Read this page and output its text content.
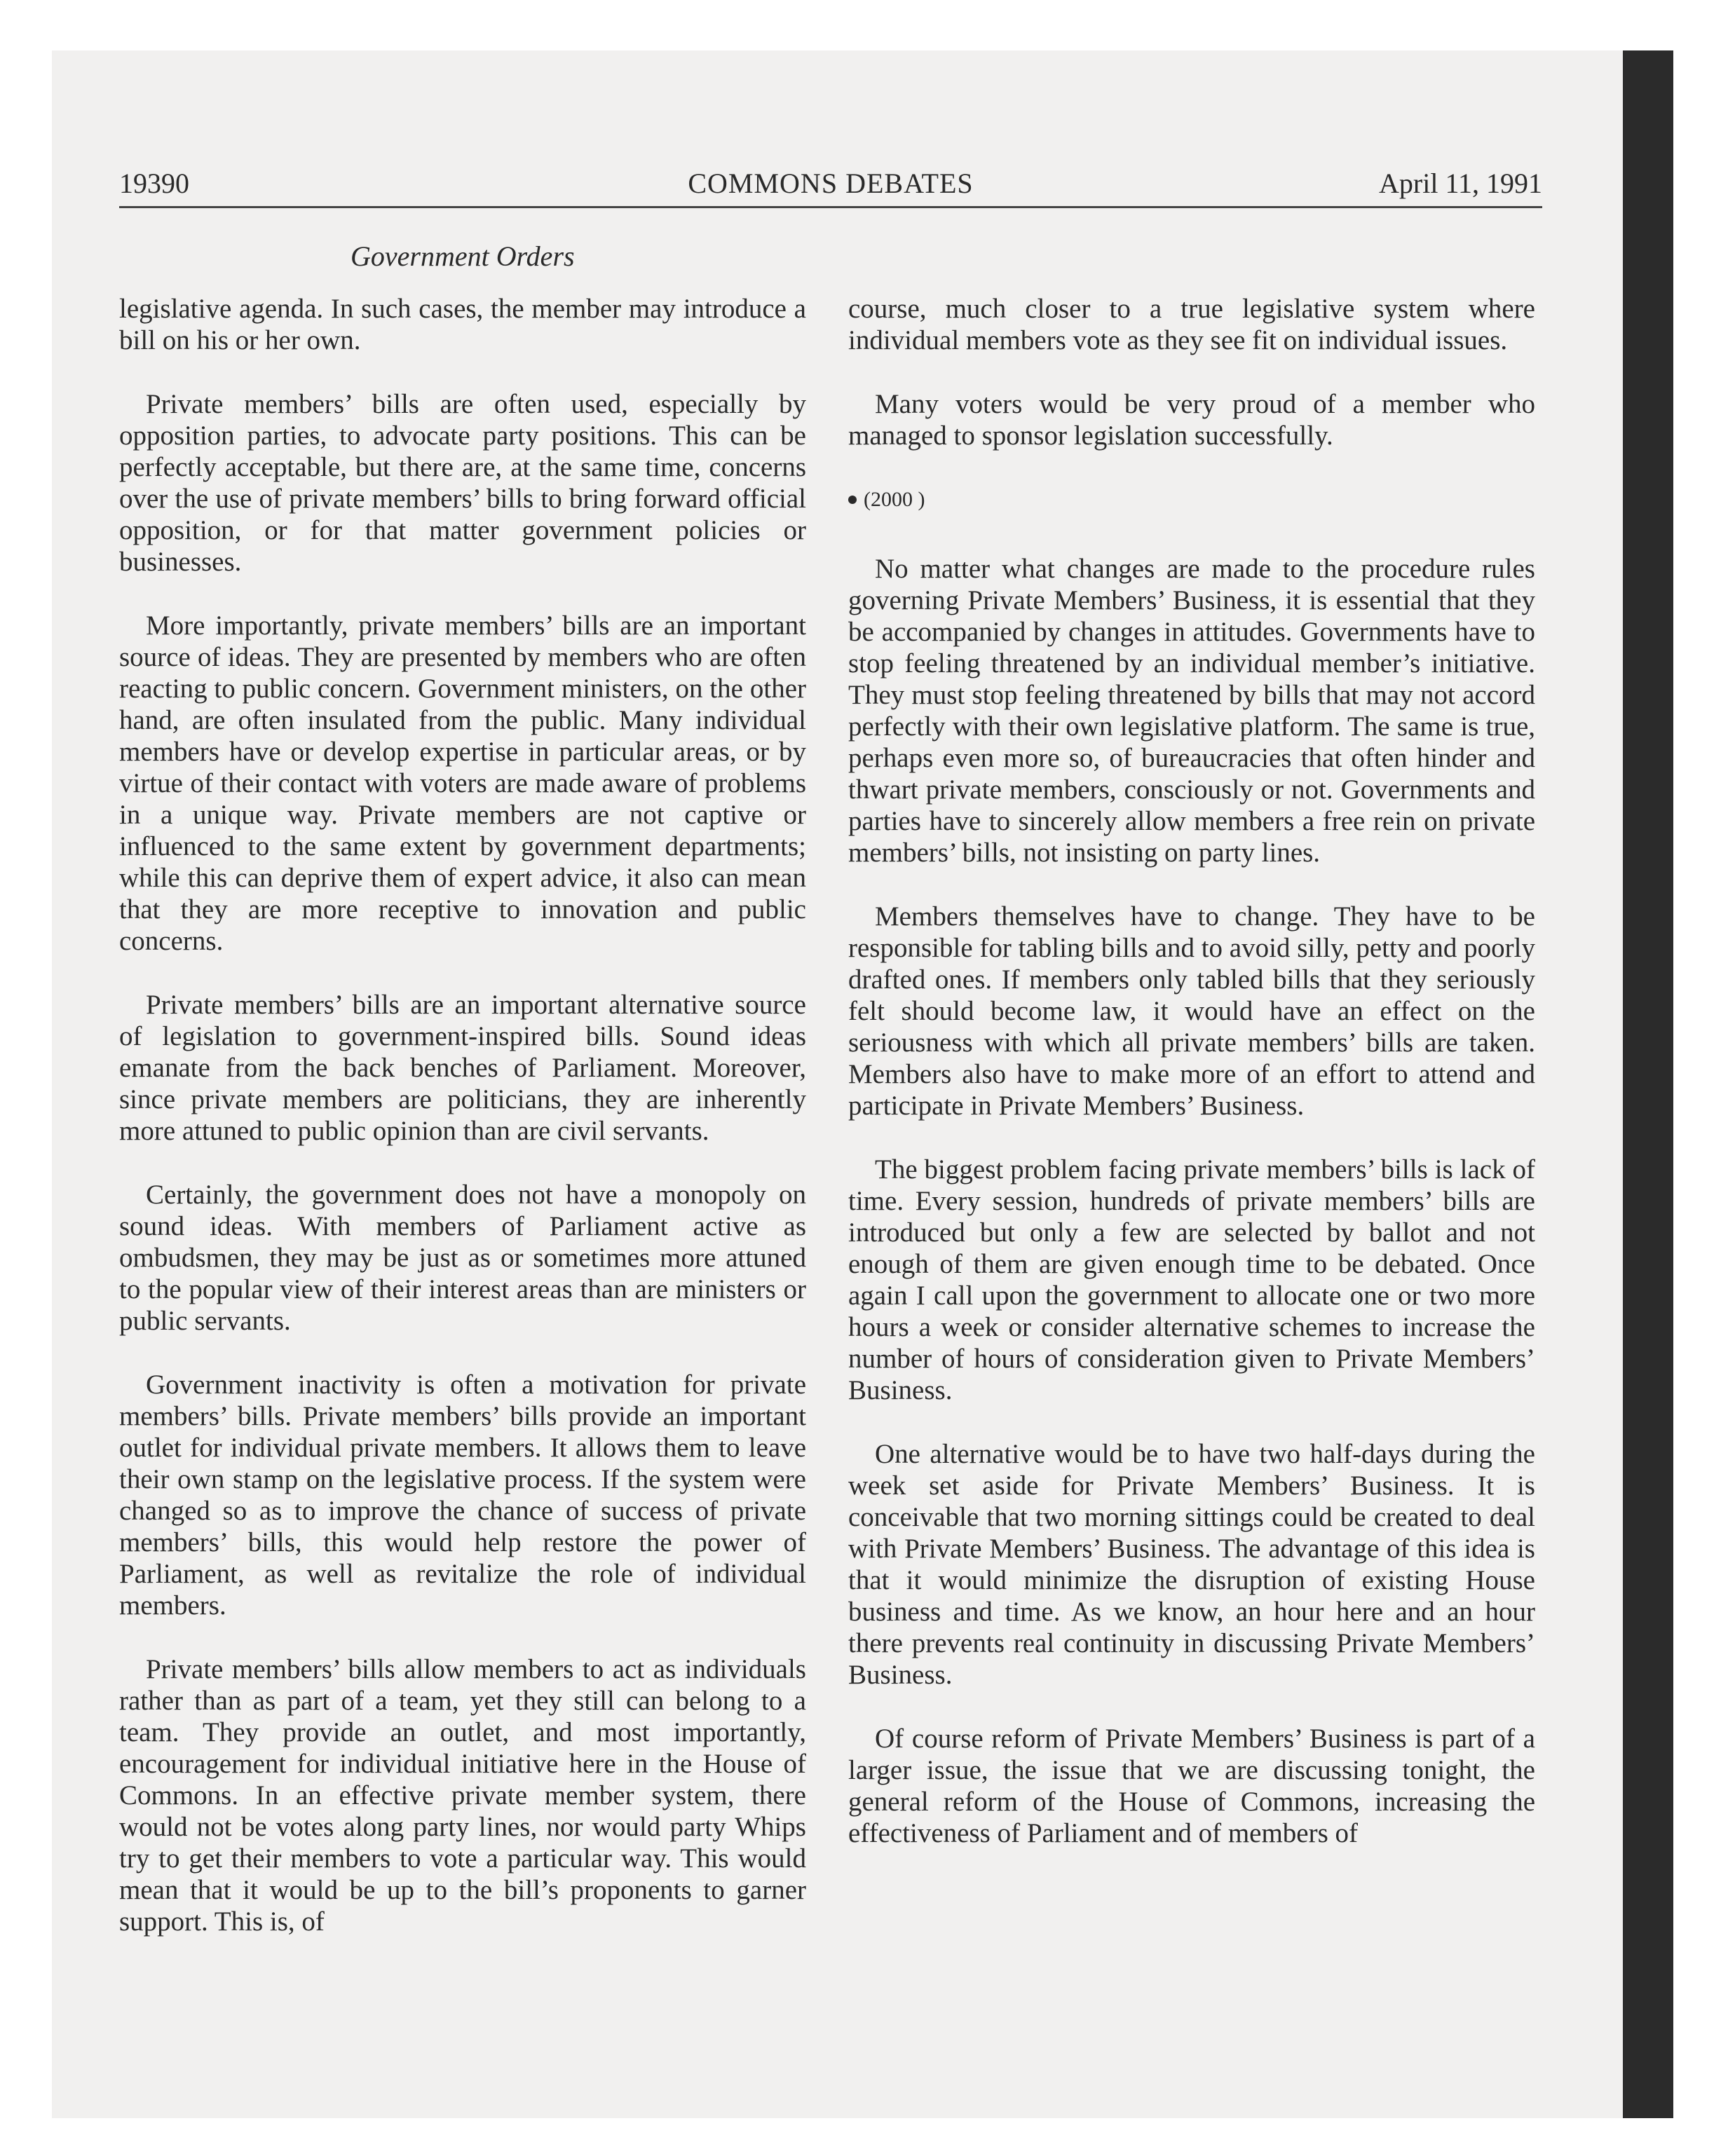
19390	COMMONS DEBATES	April 11, 1991
Government Orders

legislative agenda. In such cases, the member may introduce a bill on his or her own.

Private members’ bills are often used, especially by opposition parties, to advocate party positions. This can be perfectly acceptable, but there are, at the same time, concerns over the use of private members’ bills to bring forward official opposition, or for that matter government policies or businesses.

More importantly, private members’ bills are an important source of ideas. They are presented by members who are often reacting to public concern. Government ministers, on the other hand, are often insulated from the public. Many individual members have or develop expertise in particular areas, or by virtue of their contact with voters are made aware of problems in a unique way. Private members are not captive or influenced to the same extent by government departments; while this can deprive them of expert advice, it also can mean that they are more receptive to innovation and public concerns.

Private members’ bills are an important alternative source of legislation to government-inspired bills. Sound ideas emanate from the back benches of Parliament. Moreover, since private members are politicians, they are inherently more attuned to public opinion than are civil servants.

Certainly, the government does not have a monopoly on sound ideas. With members of Parliament active as ombudsmen, they may be just as or sometimes more attuned to the popular view of their interest areas than are ministers or public servants.

Government inactivity is often a motivation for private members’ bills. Private members’ bills provide an important outlet for individual private members. It allows them to leave their own stamp on the legislative process. If the system were changed so as to improve the chance of success of private members’ bills, this would help restore the power of Parliament, as well as revitalize the role of individual members.

Private members’ bills allow members to act as individuals rather than as part of a team, yet they still can belong to a team. They provide an outlet, and most importantly, encouragement for individual initiative here in the House of Commons. In an effective private member system, there would not be votes along party lines, nor would party Whips try to get their members to vote a particular way. This would mean that it would be up to the bill’s proponents to garner support. This is, of

course, much closer to a true legislative system where individual members vote as they see fit on individual issues.

Many voters would be very proud of a member who managed to sponsor legislation successfully.

(2000 )

No matter what changes are made to the procedure rules governing Private Members’ Business, it is essential that they be accompanied by changes in attitudes. Governments have to stop feeling threatened by an individual member’s initiative. They must stop feeling threatened by bills that may not accord perfectly with their own legislative platform. The same is true, perhaps even more so, of bureaucracies that often hinder and thwart private members, consciously or not. Governments and parties have to sincerely allow members a free rein on private members’ bills, not insisting on party lines.

Members themselves have to change. They have to be responsible for tabling bills and to avoid silly, petty and poorly drafted ones. If members only tabled bills that they seriously felt should become law, it would have an effect on the seriousness with which all private members’ bills are taken. Members also have to make more of an effort to attend and participate in Private Members’ Business.

The biggest problem facing private members’ bills is lack of time. Every session, hundreds of private members’ bills are introduced but only a few are selected by ballot and not enough of them are given enough time to be debated. Once again I call upon the government to allocate one or two more hours a week or consider alternative schemes to increase the number of hours of consideration given to Private Members’ Business.

One alternative would be to have two half-days during the week set aside for Private Members’ Business. It is conceivable that two morning sittings could be created to deal with Private Members’ Business. The advantage of this idea is that it would minimize the disruption of existing House business and time. As we know, an hour here and an hour there prevents real continuity in discussing Private Members’ Business.

Of course reform of Private Members’ Business is part of a larger issue, the issue that we are discussing tonight, the general reform of the House of Commons, increasing the effectiveness of Parliament and of members of
